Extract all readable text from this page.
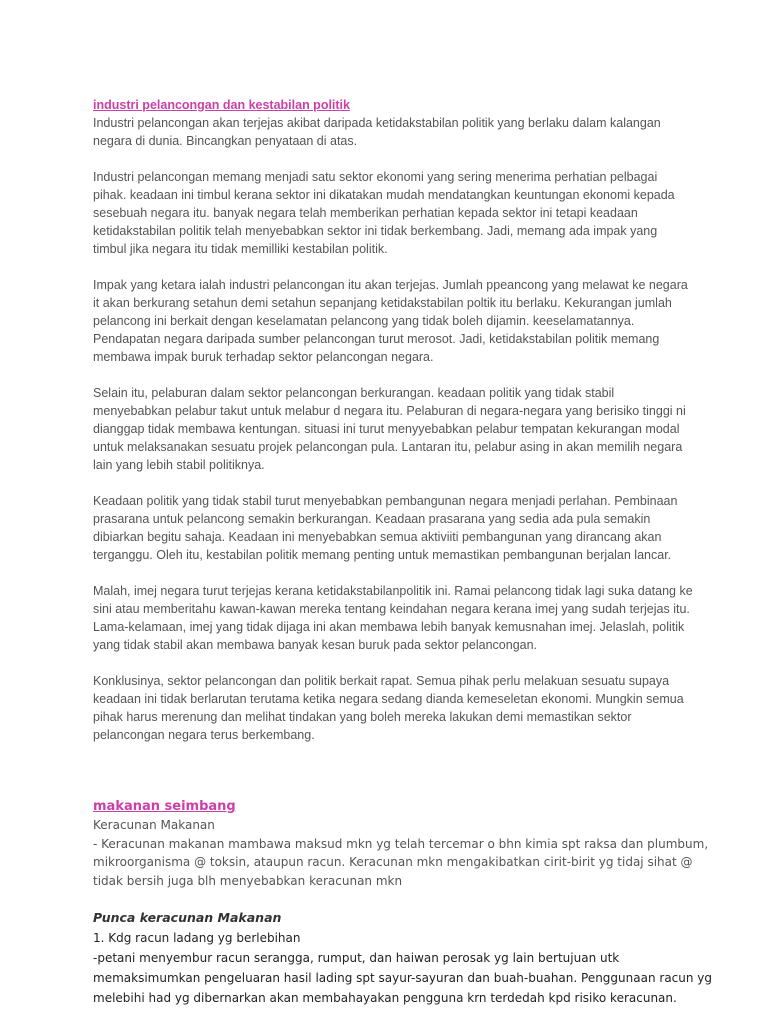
industri pelancongan dan kestabilan politik

Industri pelancongan akan terjejas akibat daripada ketidakstabilan politik yang berlaku dalam kalangan negara di dunia. Bincangkan penyataan di atas.

Industri pelancongan memang menjadi satu sektor ekonomi yang sering menerima perhatian pelbagai pihak. keadaan ini timbul kerana sektor ini dikatakan mudah mendatangkan keuntungan ekonomi kepada sesebuah negara itu. banyak negara telah memberikan perhatian kepada sektor ini tetapi keadaan ketidakstabilan politik telah menyebabkan sektor ini tidak berkembang. Jadi, memang ada impak yang timbul jika negara itu tidak memilliki kestabilan politik.

Impak yang ketara ialah industri pelancongan itu akan terjejas. Jumlah ppeancong yang melawat ke negara it akan berkurang setahun demi setahun sepanjang ketidakstabilan poltik itu berlaku. Kekurangan jumlah pelancong ini berkait dengan keselamatan pelancong yang tidak boleh dijamin. keeselamatannya. Pendapatan negara daripada sumber pelancongan turut merosot. Jadi, ketidakstabilan politik memang membawa impak buruk terhadap sektor pelancongan negara.

Selain itu, pelaburan dalam sektor pelancongan berkurangan. keadaan politik yang tidak stabil menyebabkan pelabur takut untuk melabur d negara itu. Pelaburan di negara-negara yang berisiko tinggi ni dianggap tidak membawa kentungan. situasi ini turut menyyebabkan pelabur tempatan kekurangan modal untuk melaksanakan sesuatu projek pelancongan pula. Lantaran itu, pelabur asing in akan memilih negara lain yang lebih stabil politiknya.

Keadaan politik yang tidak stabil turut menyebabkan pembangunan negara menjadi perlahan. Pembinaan prasarana untuk pelancong semakin berkurangan. Keadaan prasarana yang sedia ada pula semakin dibiarkan begitu sahaja. Keadaan ini menyebabkan semua aktiviiti pembangunan yang dirancang akan terganggu. Oleh itu, kestabilan politik memang penting untuk memastikan pembangunan berjalan lancar.

Malah, imej negara turut terjejas kerana ketidakstabilanpolitik ini. Ramai pelancong tidak lagi suka datang ke sini atau memberitahu kawan-kawan mereka tentang keindahan negara kerana imej yang sudah terjejas itu. Lama-kelamaan, imej yang tidak dijaga ini akan membawa lebih banyak kemusnahan imej. Jelaslah, politik yang tidak stabil akan membawa banyak kesan buruk pada sektor pelancongan.

Konklusinya, sektor pelancongan dan politik berkait rapat. Semua pihak perlu melakuan sesuatu supaya keadaan ini tidak berlarutan terutama ketika negara sedang dianda kemeseletan ekonomi. Mungkin semua pihak harus merenung dan melihat tindakan yang boleh mereka lakukan demi memastikan sektor pelancongan negara terus berkembang.

makanan seimbang

Keracunan Makanan

- Keracunan makanan mambawa maksud mkn yg telah tercemar o bhn kimia spt raksa dan plumbum, mikroorganisma @ toksin, ataupun racun. Keracunan mkn mengakibatkan cirit-birit yg tidaj sihat @ tidak bersih juga blh menyebabkan keracunan mkn

Punca keracunan Makanan

1. Kdg racun ladang yg berlebihan

-petani menyembur racun serangga, rumput, dan haiwan perosak yg lain bertujuan utk memaksimumkan pengeluaran hasil lading spt sayur-sayuran dan buah-buahan. Penggunaan racun yg melebihi had yg dibernarkan akan membahayakan pengguna krn terdedah kpd risiko keracunan.
